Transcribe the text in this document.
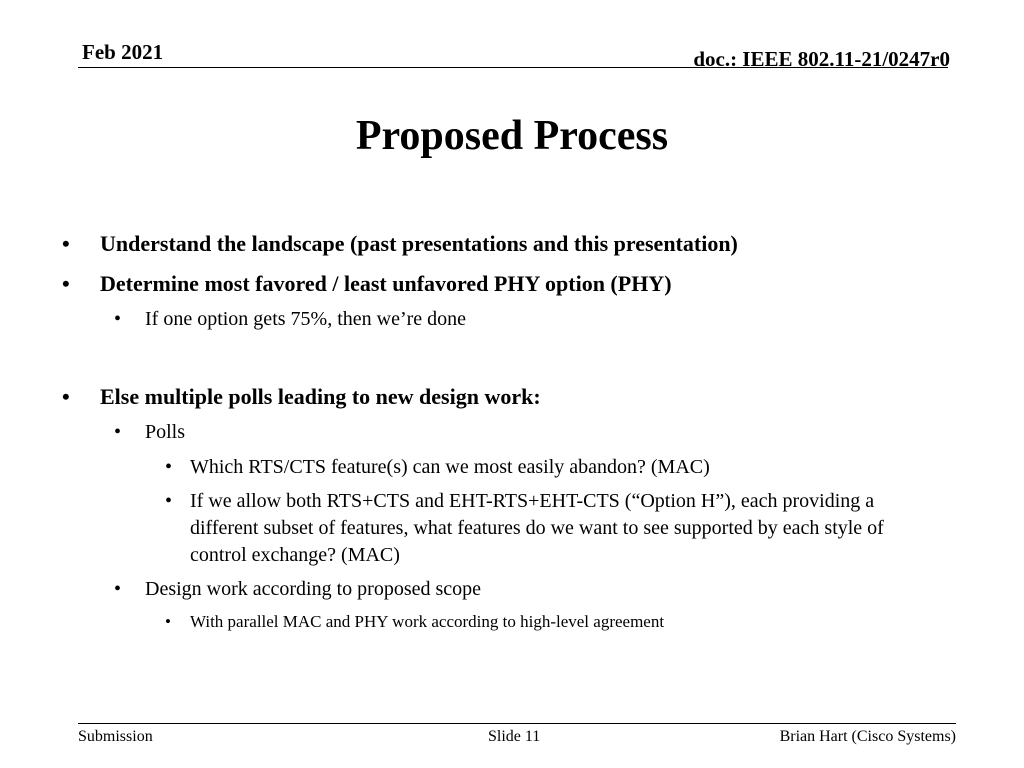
Feb 2021	doc.: IEEE 802.11-21/0247r0
Proposed Process
•	Understand the landscape (past presentations and this presentation)
•	Determine most favored / least unfavored PHY option (PHY)
•	If one option gets 75%, then we’re done
•	Else multiple polls leading to new design work:
•	Polls
• Which RTS/CTS feature(s) can we most easily abandon? (MAC)
• If we allow both RTS+CTS and EHT-RTS+EHT-CTS (“Option H”), each providing a different subset of features, what features do we want to see supported by each style of control exchange? (MAC)
•	Design work according to proposed scope
•	With parallel MAC and PHY work according to high-level agreement
Submission	Slide 11	Brian Hart (Cisco Systems)
